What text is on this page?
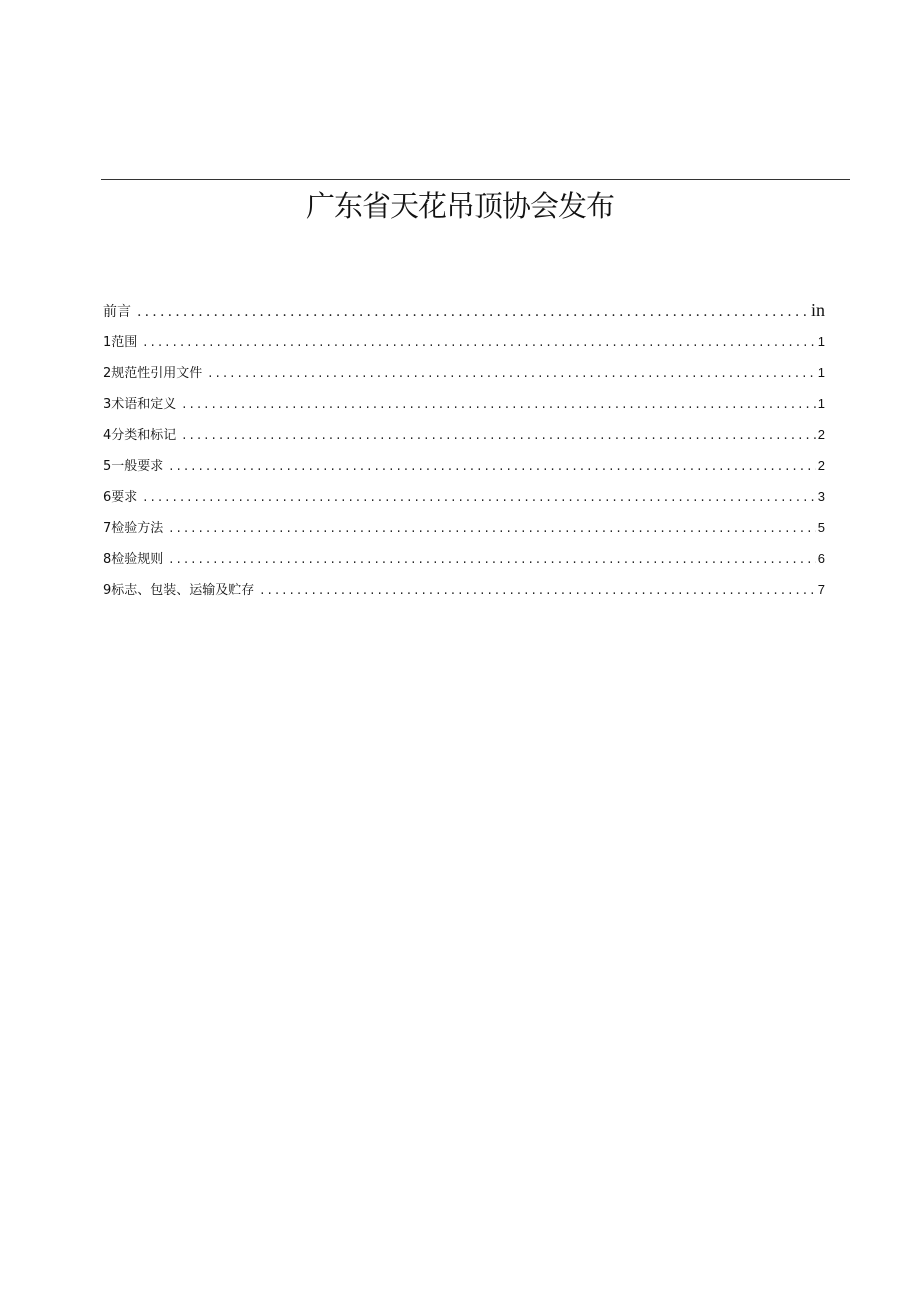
广东省天花吊顶协会发布
前言 .....	in
1范围 .....	1
2规范性引用文件 .....	1
3术语和定义 .....	1
4分类和标记 .....	2
5一般要求 .....	2
6要求 .....	3
7检验方法 .....	5
8检验规则 .....	6
9标志、包装、运输及贮存 .....	7
